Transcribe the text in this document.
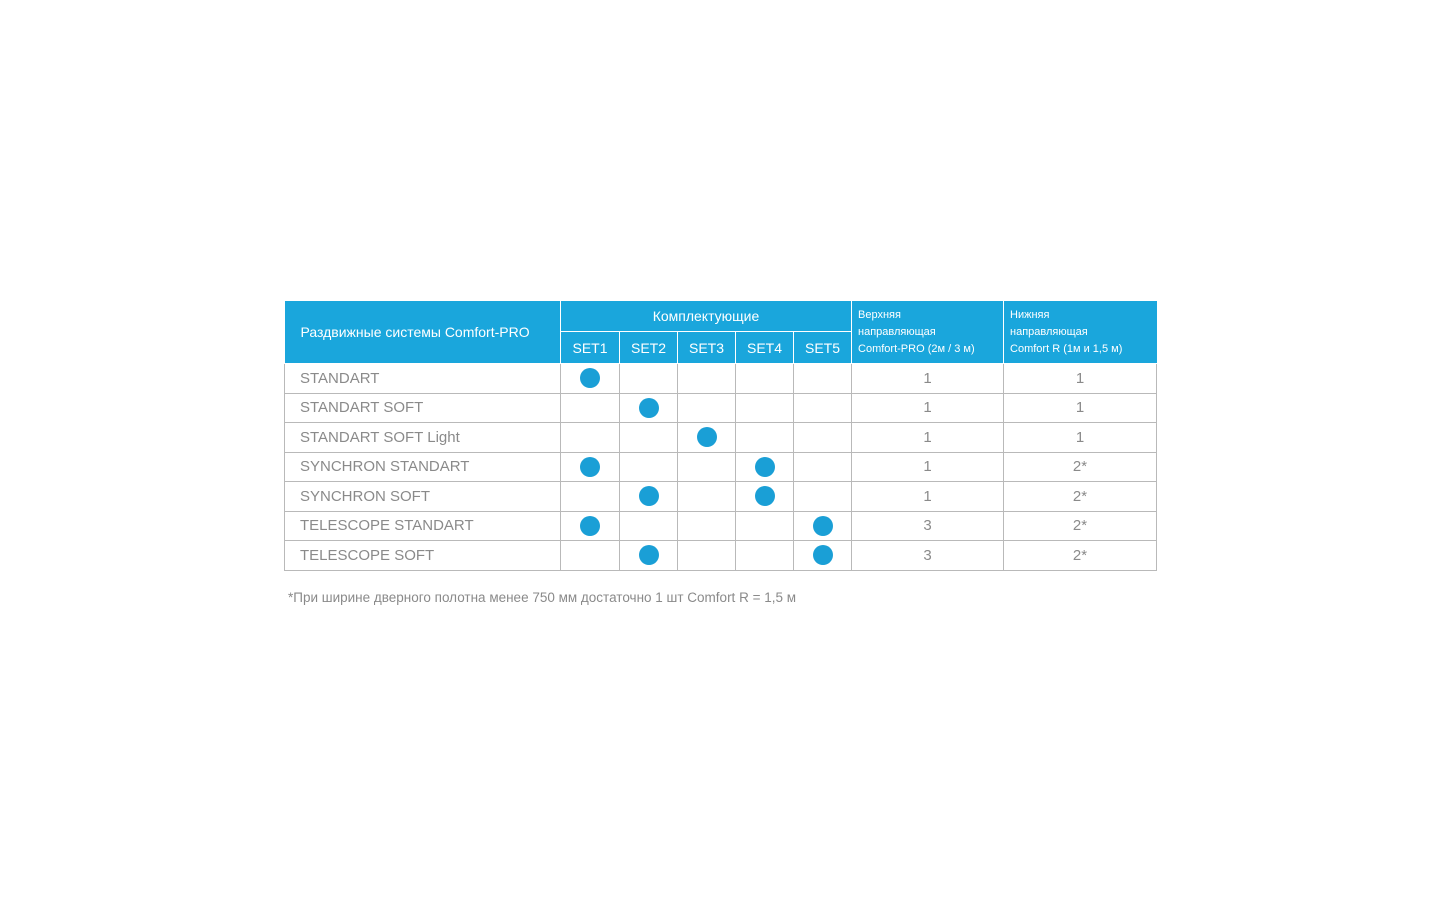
Раздвижные системы Comfort-PRO	Комплектующие					Верхняя
направляющая
Comfort-PRO (2м / 3 м)	Нижняя
направляющая
Comfort R (1м и 1,5 м)

	SET1	SET2	SET3	SET4	SET5		
STANDART						1	1
STANDART SOFT						1	1
STANDART SOFT Light						1	1
SYNCHRON STANDART						1	2*
SYNCHRON SOFT						1	2*
TELESCOPE STANDART						3	2*
TELESCOPE SOFT						3	2*
*При ширине дверного полотна менее 750 мм достаточно 1 шт Comfort R = 1,5 м
